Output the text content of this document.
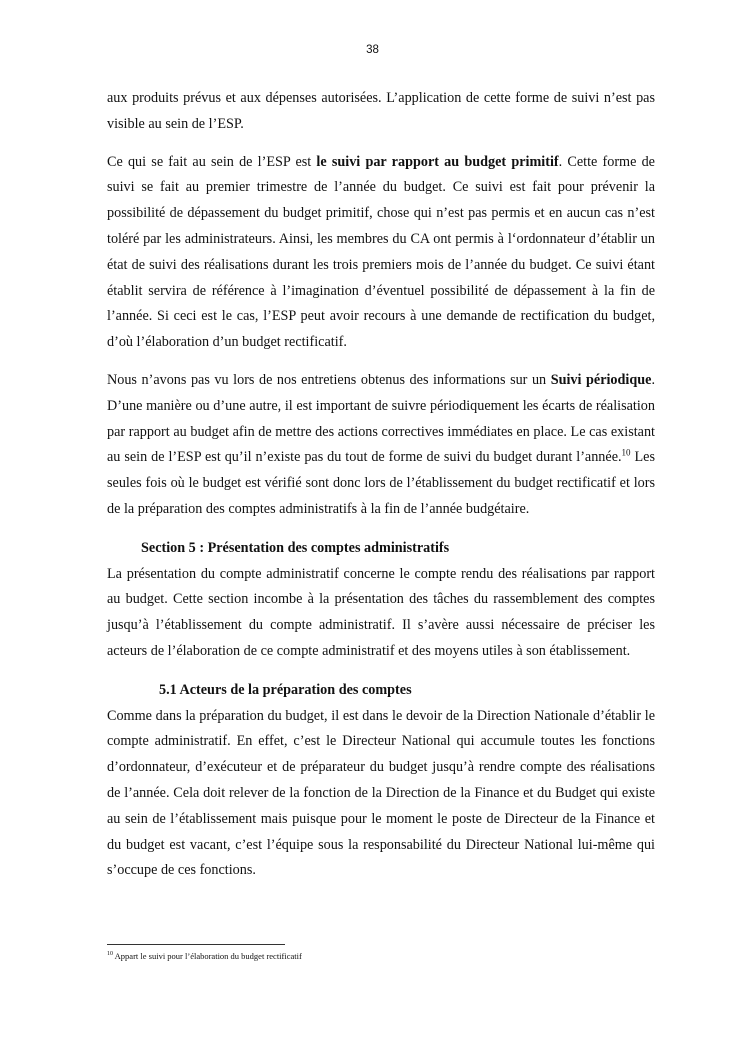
38

aux produits prévus et aux dépenses autorisées. L’application de cette forme de suivi n’est pas visible au sein de l’ESP.

Ce qui se fait au sein de l’ESP est le suivi par rapport au budget primitif. Cette forme de suivi se fait au premier trimestre de l’année du budget. Ce suivi est fait pour prévenir la possibilité de dépassement du budget primitif, chose qui n’est pas permis et en aucun cas n’est toléré par les administrateurs. Ainsi, les membres du CA ont permis à l‘ordonnateur d’établir un état de suivi des réalisations durant les trois premiers mois de l’année du budget. Ce suivi étant établit servira de référence à l’imagination d’éventuel possibilité de dépassement à la fin de l’année. Si ceci est le cas, l’ESP peut avoir recours à une demande de rectification du budget, d’où l’élaboration d’un budget rectificatif.

Nous n’avons pas vu lors de nos entretiens obtenus des informations sur un Suivi périodique. D’une manière ou d’une autre, il est important de suivre périodiquement les écarts de réalisation par rapport au budget afin de mettre des actions correctives immédiates en place. Le cas existant au sein de l’ESP est qu’il n’existe pas du tout de forme de suivi du budget durant l’année.$^{10}$ Les seules fois où le budget est vérifié sont donc lors de l’établissement du budget rectificatif et lors de la préparation des comptes administratifs à la fin de l’année budgétaire.

Section 5 : Présentation des comptes administratifs

La présentation du compte administratif concerne le compte rendu des réalisations par rapport au budget. Cette section incombe à la présentation des tâches du rassemblement des comptes jusqu’à l’établissement du compte administratif. Il s’avère aussi nécessaire de préciser les acteurs de l’élaboration de ce compte administratif et des moyens utiles à son établissement.

5.1 Acteurs de la préparation des comptes

Comme dans la préparation du budget, il est dans le devoir de la Direction Nationale d’établir le compte administratif. En effet, c’est le Directeur National qui accumule toutes les fonctions d’ordonnateur, d’exécuteur et de préparateur du budget jusqu’à rendre compte des réalisations de l’année. Cela doit relever de la fonction de la Direction de la Finance et du Budget qui existe au sein de l’établissement mais puisque pour le moment le poste de Directeur de la Finance et du budget est vacant, c’est l’équipe sous la responsabilité du Directeur National lui-même qui s’occupe de ces fonctions.

$^{10}$ Appart le suivi pour l’élaboration du budget rectificatif
